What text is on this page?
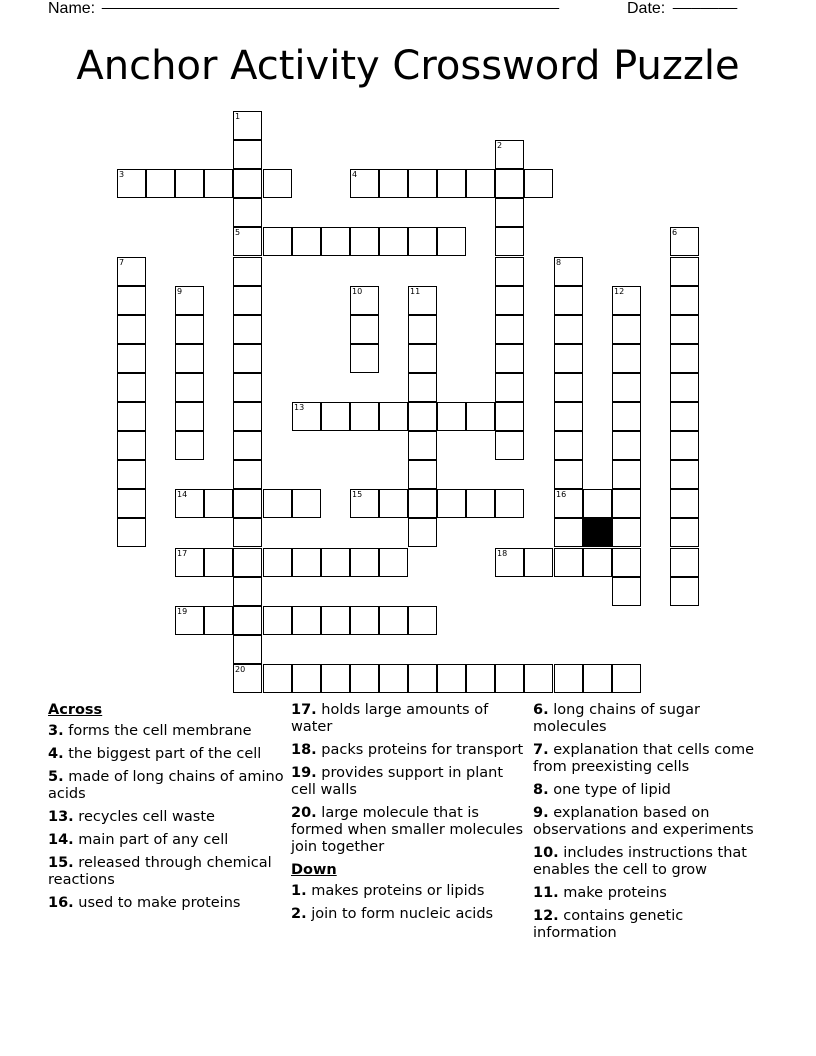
Name: _______________________________________________________	Date: _______
Anchor Activity Crossword Puzzle
1
5
20
2
3	4
6
7	8
16
9	10	11	12
13
14	15
17	18
19
Across
3. forms the cell membrane
4. the biggest part of the cell
5. made of long chains of amino acids
13. recycles cell waste
14. main part of any cell
15. released through chemical reactions
16. used to make proteins
17. holds large amounts of water
18. packs proteins for transport
19. provides support in plant cell walls
20. large molecule that is formed when smaller molecules join together
Down
1. makes proteins or lipids
2. join to form nucleic acids
6. long chains of sugar molecules
7. explanation that cells come from preexisting cells
8. one type of lipid
9. explanation based on observations and experiments
10. includes instructions that enables the cell to grow
11. make proteins
12. contains genetic information
